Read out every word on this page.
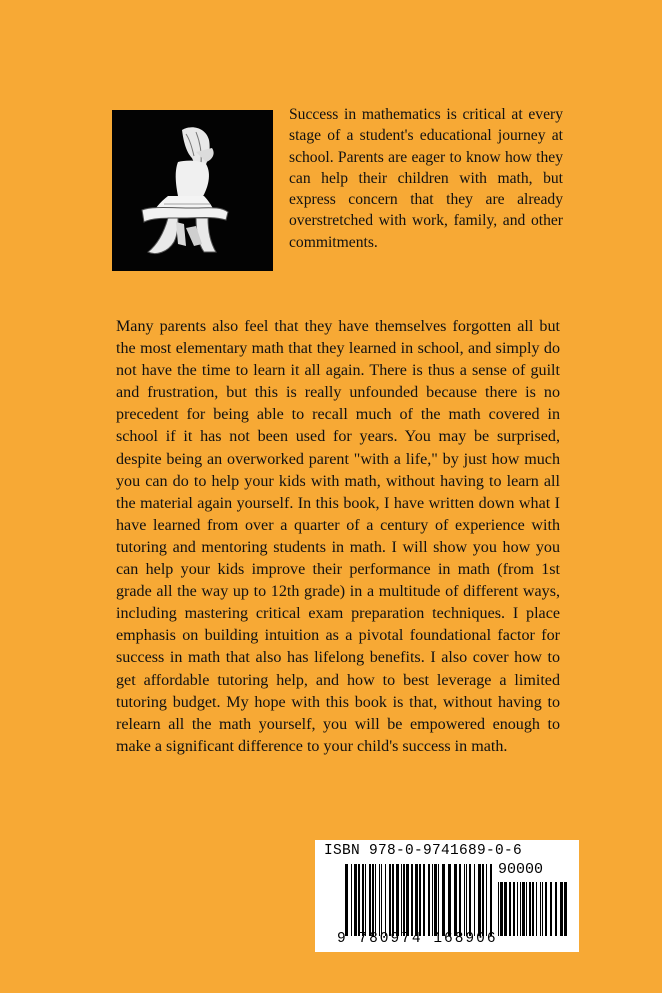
Success in mathematics is critical at every stage of a student's educational journey at school. Parents are eager to know how they can help their children with math, but express concern that they are already overstretched with work, family, and other commitments.

Many parents also feel that they have themselves forgotten all but the most elementary math that they learned in school, and simply do not have the time to learn it all again. There is thus a sense of guilt and frustration, but this is really unfounded because there is no precedent for being able to recall much of the math covered in school if it has not been used for years. You may be surprised, despite being an overworked parent "with a life," by just how much you can do to help your kids with math, without having to learn all the material again yourself. In this book, I have written down what I have learned from over a quarter of a century of experience with tutoring and mentoring students in math. I will show you how you can help your kids improve their performance in math (from 1st grade all the way up to 12th grade) in a multitude of different ways, including mastering critical exam preparation techniques. I place emphasis on building intuition as a pivotal foundational factor for success in math that also has lifelong benefits. I also cover how to get affordable tutoring help, and how to best leverage a limited tutoring budget. My hope with this book is that, without having to relearn all the math yourself, you will be empowered enough to make a significant difference to your child's success in math.

ISBN 978-0-9741689-0-6
90000
9 780974 168906
